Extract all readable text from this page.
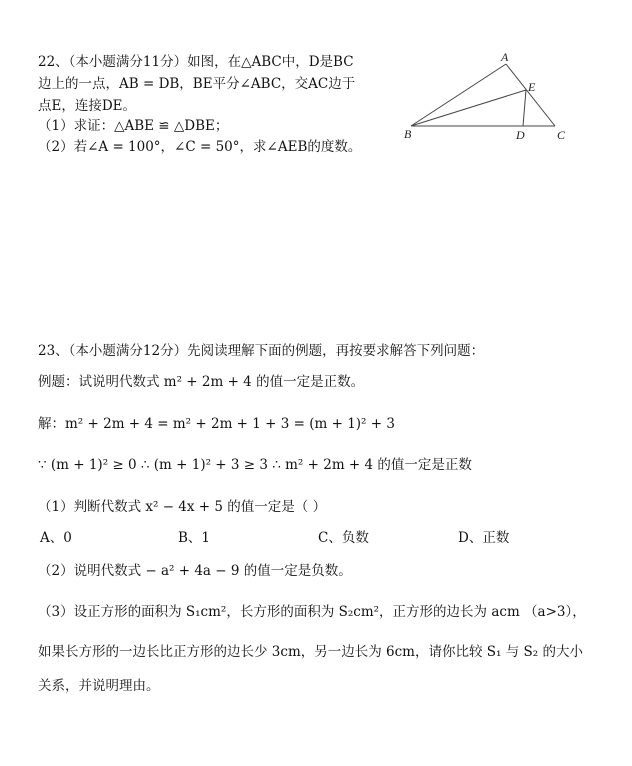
22、（本小题满分11分）如图，在△ABC中，D是BC
边上的一点，AB = DB，BE平分∠ABC，交AC边于
点E，连接DE。
（1）求证：△ABE ≌ △DBE；
（2）若∠A = 100°，∠C = 50°，求∠AEB的度数。
A
E
B	D	C
23、（本小题满分12分）先阅读理解下面的例题，再按要求解答下列问题：
例题：试说明代数式 m² + 2m + 4 的值一定是正数。
解：m² + 2m + 4 = m² + 2m + 1 + 3 = (m + 1)² + 3
∵ (m + 1)² ≥ 0 ∴ (m + 1)² + 3 ≥ 3 ∴ m² + 2m + 4 的值一定是正数
（1）判断代数式 x² − 4x + 5 的值一定是（ ）
A、0	B、1	C、负数	D、正数
（2）说明代数式 − a² + 4a − 9 的值一定是负数。
（3）设正方形的面积为 S₁cm²，长方形的面积为 S₂cm²，正方形的边长为 acm （a>3），
如果长方形的一边长比正方形的边长少 3cm，另一边长为 6cm，请你比较 S₁ 与 S₂ 的大小
关系，并说明理由。
